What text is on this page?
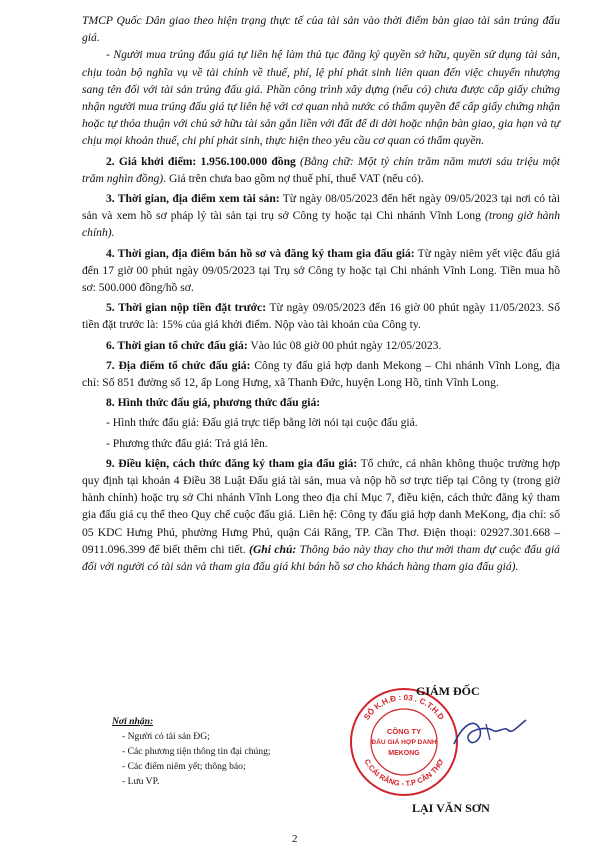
TMCP Quốc Dân giao theo hiện trạng thực tế của tài sản vào thời điểm bàn giao tài sản trúng đấu giá.

- Người mua trúng đấu giá tự liên hệ làm thủ tục đăng ký quyền sở hữu, quyền sử dụng tài sản, chịu toàn bộ nghĩa vụ về tài chính về thuế, phí, lệ phí phát sinh liên quan đến việc chuyển nhượng sang tên đối với tài sản trúng đấu giá. Phần công trình xây dựng (nếu có) chưa được cấp giấy chứng nhận người mua trúng đấu giá tự liên hệ với cơ quan nhà nước có thẩm quyền để cấp giấy chứng nhận hoặc tự thỏa thuận với chủ sở hữu tài sản gắn liền với đất để di dời hoặc nhận bàn giao, gia hạn và tự chịu mọi khoản thuế, chi phí phát sinh, thực hiện theo yêu cầu cơ quan có thẩm quyền.

2. Giá khởi điểm: 1.956.100.000 đồng (Bằng chữ: Một tỷ chín trăm năm mươi sáu triệu một trăm nghìn đồng). Giá trên chưa bao gồm nợ thuế phí, thuế VAT (nếu có).

3. Thời gian, địa điểm xem tài sản: Từ ngày 08/05/2023 đến hết ngày 09/05/2023 tại nơi có tài sản và xem hồ sơ pháp lý tài sản tại trụ sở Công ty hoặc tại Chi nhánh Vĩnh Long (trong giờ hành chính).

4. Thời gian, địa điểm bán hồ sơ và đăng ký tham gia đấu giá: Từ ngày niêm yết việc đấu giá đến 17 giờ 00 phút ngày 09/05/2023 tại Trụ sở Công ty hoặc tại Chi nhánh Vĩnh Long. Tiền mua hồ sơ: 500.000 đồng/hồ sơ.

5. Thời gian nộp tiền đặt trước: Từ ngày 09/05/2023 đến 16 giờ 00 phút ngày 11/05/2023. Số tiền đặt trước là: 15% của giá khởi điểm. Nộp vào tài khoản của Công ty.

6. Thời gian tổ chức đấu giá: Vào lúc 08 giờ 00 phút ngày 12/05/2023.

7. Địa điểm tổ chức đấu giá: Công ty đấu giá hợp danh Mekong – Chi nhánh Vĩnh Long, địa chỉ: Số 851 đường số 12, ấp Long Hưng, xã Thanh Đức, huyện Long Hồ, tỉnh Vĩnh Long.

8. Hình thức đấu giá, phương thức đấu giá:

- Hình thức đấu giá: Đấu giá trực tiếp bằng lời nói tại cuộc đấu giá.

- Phương thức đấu giá: Trả giá lên.

9. Điều kiện, cách thức đăng ký tham gia đấu giá: Tổ chức, cá nhân không thuộc trường hợp quy định tại khoản 4 Điều 38 Luật Đấu giá tài sản, mua và nộp hồ sơ trực tiếp tại Công ty (trong giờ hành chính) hoặc trụ sở Chi nhánh Vĩnh Long theo địa chỉ Mục 7, điều kiện, cách thức đăng ký tham gia đấu giá cụ thể theo Quy chế cuộc đấu giá. Liên hệ: Công ty đấu giá hợp danh MeKong, địa chỉ: số 05 KDC Hưng Phú, phường Hưng Phú, quận Cái Răng, TP. Cần Thơ. Điện thoại: 02927.301.668 – 0911.096.399 để biết thêm chi tiết. (Ghi chú: Thông báo này thay cho thư mời tham dự cuộc đấu giá đối với người có tài sản và tham gia đấu giá khi bán hồ sơ cho khách hàng tham gia đấu giá).

Nơi nhận:
- Người có tài sản ĐG;
- Các phương tiện thông tin đại chúng;
- Các điểm niêm yết; thông báo;
- Lưu VP.
SỐ K.H.Đ : 03 . C.T.H.D
C.CÁI RĂNG - T.P CẦN THƠ
CÔNG TY
ĐẤU GIÁ HỢP DANH
MEKONG
GIÁM ĐỐC
LẠI VĂN SƠN
2
